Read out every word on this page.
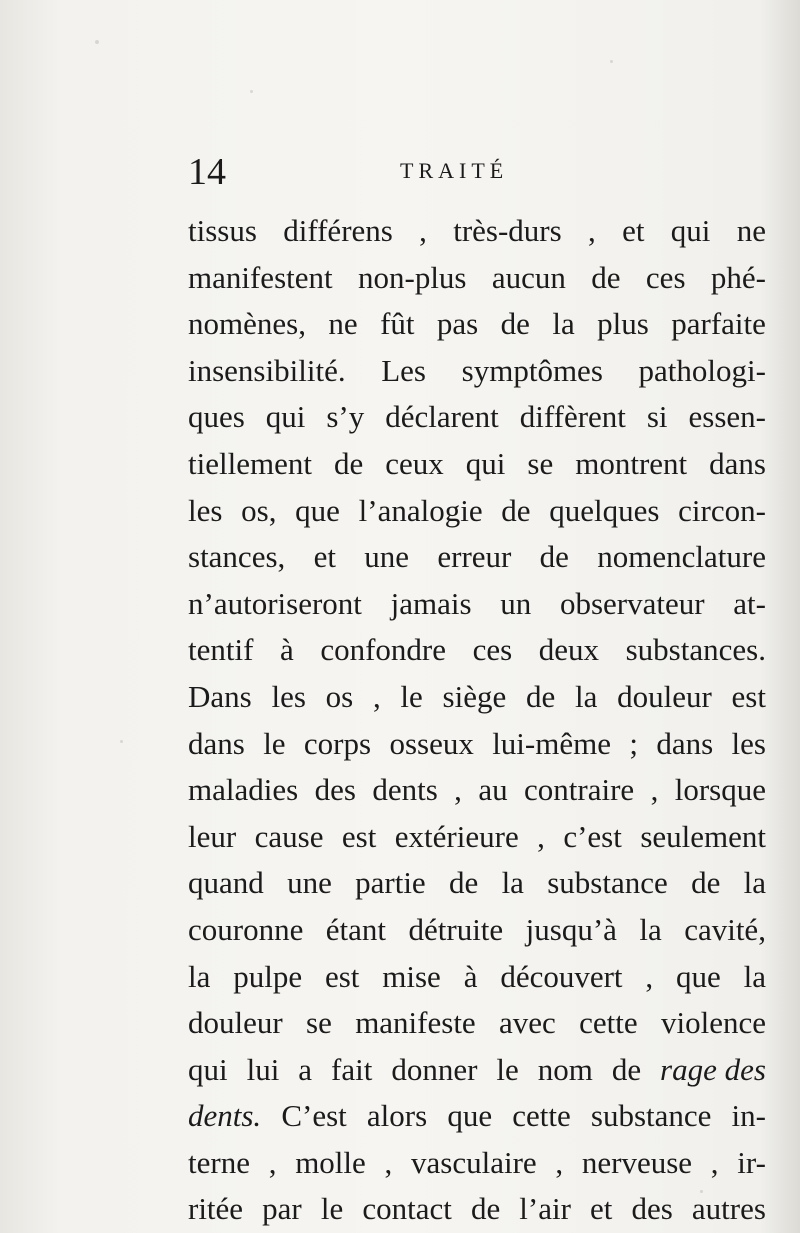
14	TRAITÉ
tissus différens , très-durs , et qui ne
manifestent non-plus aucun de ces phé-
nomènes, ne fût pas de la plus parfaite
insensibilité. Les symptômes pathologi-
ques qui s’y déclarent diffèrent si essen-
tiellement de ceux qui se montrent dans
les os, que l’analogie de quelques circon-
stances, et une erreur de nomenclature
n’autoriseront jamais un observateur at-
tentif à confondre ces deux substances.
Dans les os , le siège de la douleur est
dans le corps osseux lui-même ; dans les
maladies des dents , au contraire , lorsque
leur cause est extérieure , c’est seulement
quand une partie de la substance de la
couronne étant détruite jusqu’à la cavité,
la pulpe est mise à découvert , que la
douleur se manifeste avec cette violence
qui lui a fait donner le nom de rage des
dents. C’est alors que cette substance in-
terne , molle , vasculaire , nerveuse , ir-
ritée par le contact de l’air et des autres
